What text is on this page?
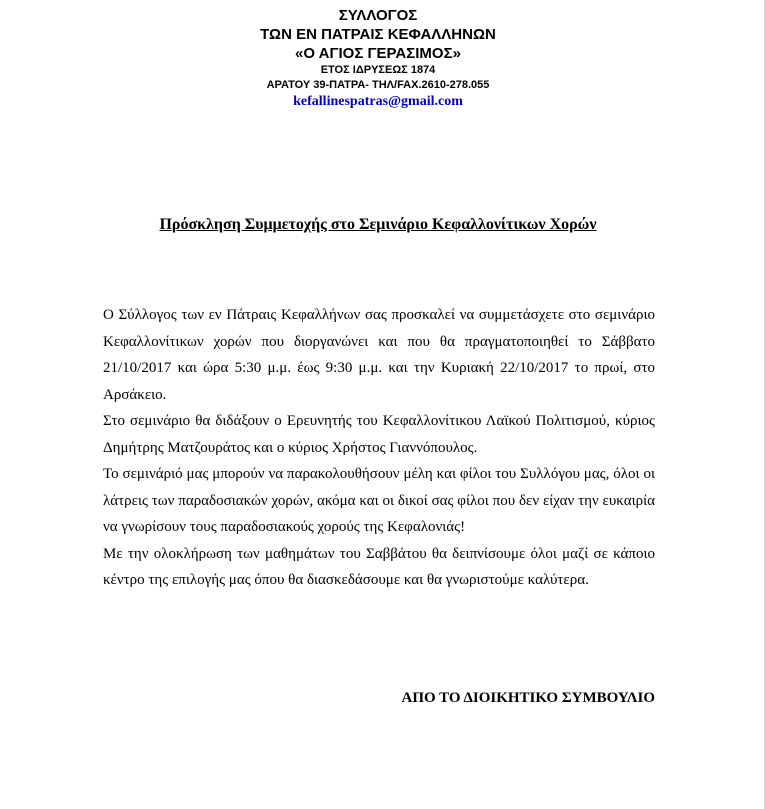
ΣΥΛΛΟΓΟΣ
ΤΩΝ ΕΝ ΠΑΤΡΑΙΣ ΚΕΦΑΛΛΗΝΩΝ
«Ο ΑΓΙΟΣ ΓΕΡΑΣΙΜΟΣ»
ΕΤΟΣ ΙΔΡΥΣΕΩΣ 1874
ΑΡΑΤΟΥ 39-ΠΑΤΡΑ- ΤΗΛ/FAX.2610-278.055
kefallinespatras@gmail.com
Πρόσκληση Συμμετοχής στο Σεμινάριο Κεφαλλονίτικων Χορών

Ο Σύλλογος των εν Πάτραις Κεφαλλήνων σας προσκαλεί να συμμετάσχετε στο σεμινάριο Κεφαλλονίτικων χορών που διοργανώνει και που θα πραγματοποιηθεί το Σάββατο 21/10/2017 και ώρα 5:30 μ.μ. έως 9:30 μ.μ. και την Κυριακή 22/10/2017 το πρωί, στο Αρσάκειο.

Στο σεμινάριο θα διδάξουν ο Ερευνητής του Κεφαλλονίτικου Λαϊκού Πολιτισμού, κύριος Δημήτρης Ματζουράτος και ο κύριος Χρήστος Γιαννόπουλος.

Το σεμινάριό μας μπορούν να παρακολουθήσουν μέλη και φίλοι του Συλλόγου μας, όλοι οι λάτρεις των παραδοσιακών χορών, ακόμα και οι δικοί σας φίλοι που δεν είχαν την ευκαιρία να γνωρίσουν τους παραδοσιακούς χορούς της Κεφαλονιάς!

Με την ολοκλήρωση των μαθημάτων του Σαββάτου θα δειπνίσουμε όλοι μαζί σε κάποιο κέντρο της επιλογής μας όπου θα διασκεδάσουμε και θα γνωριστούμε καλύτερα.

ΑΠΟ ΤΟ ΔΙΟΙΚΗΤΙΚΟ ΣΥΜΒΟΥΛΙΟ
